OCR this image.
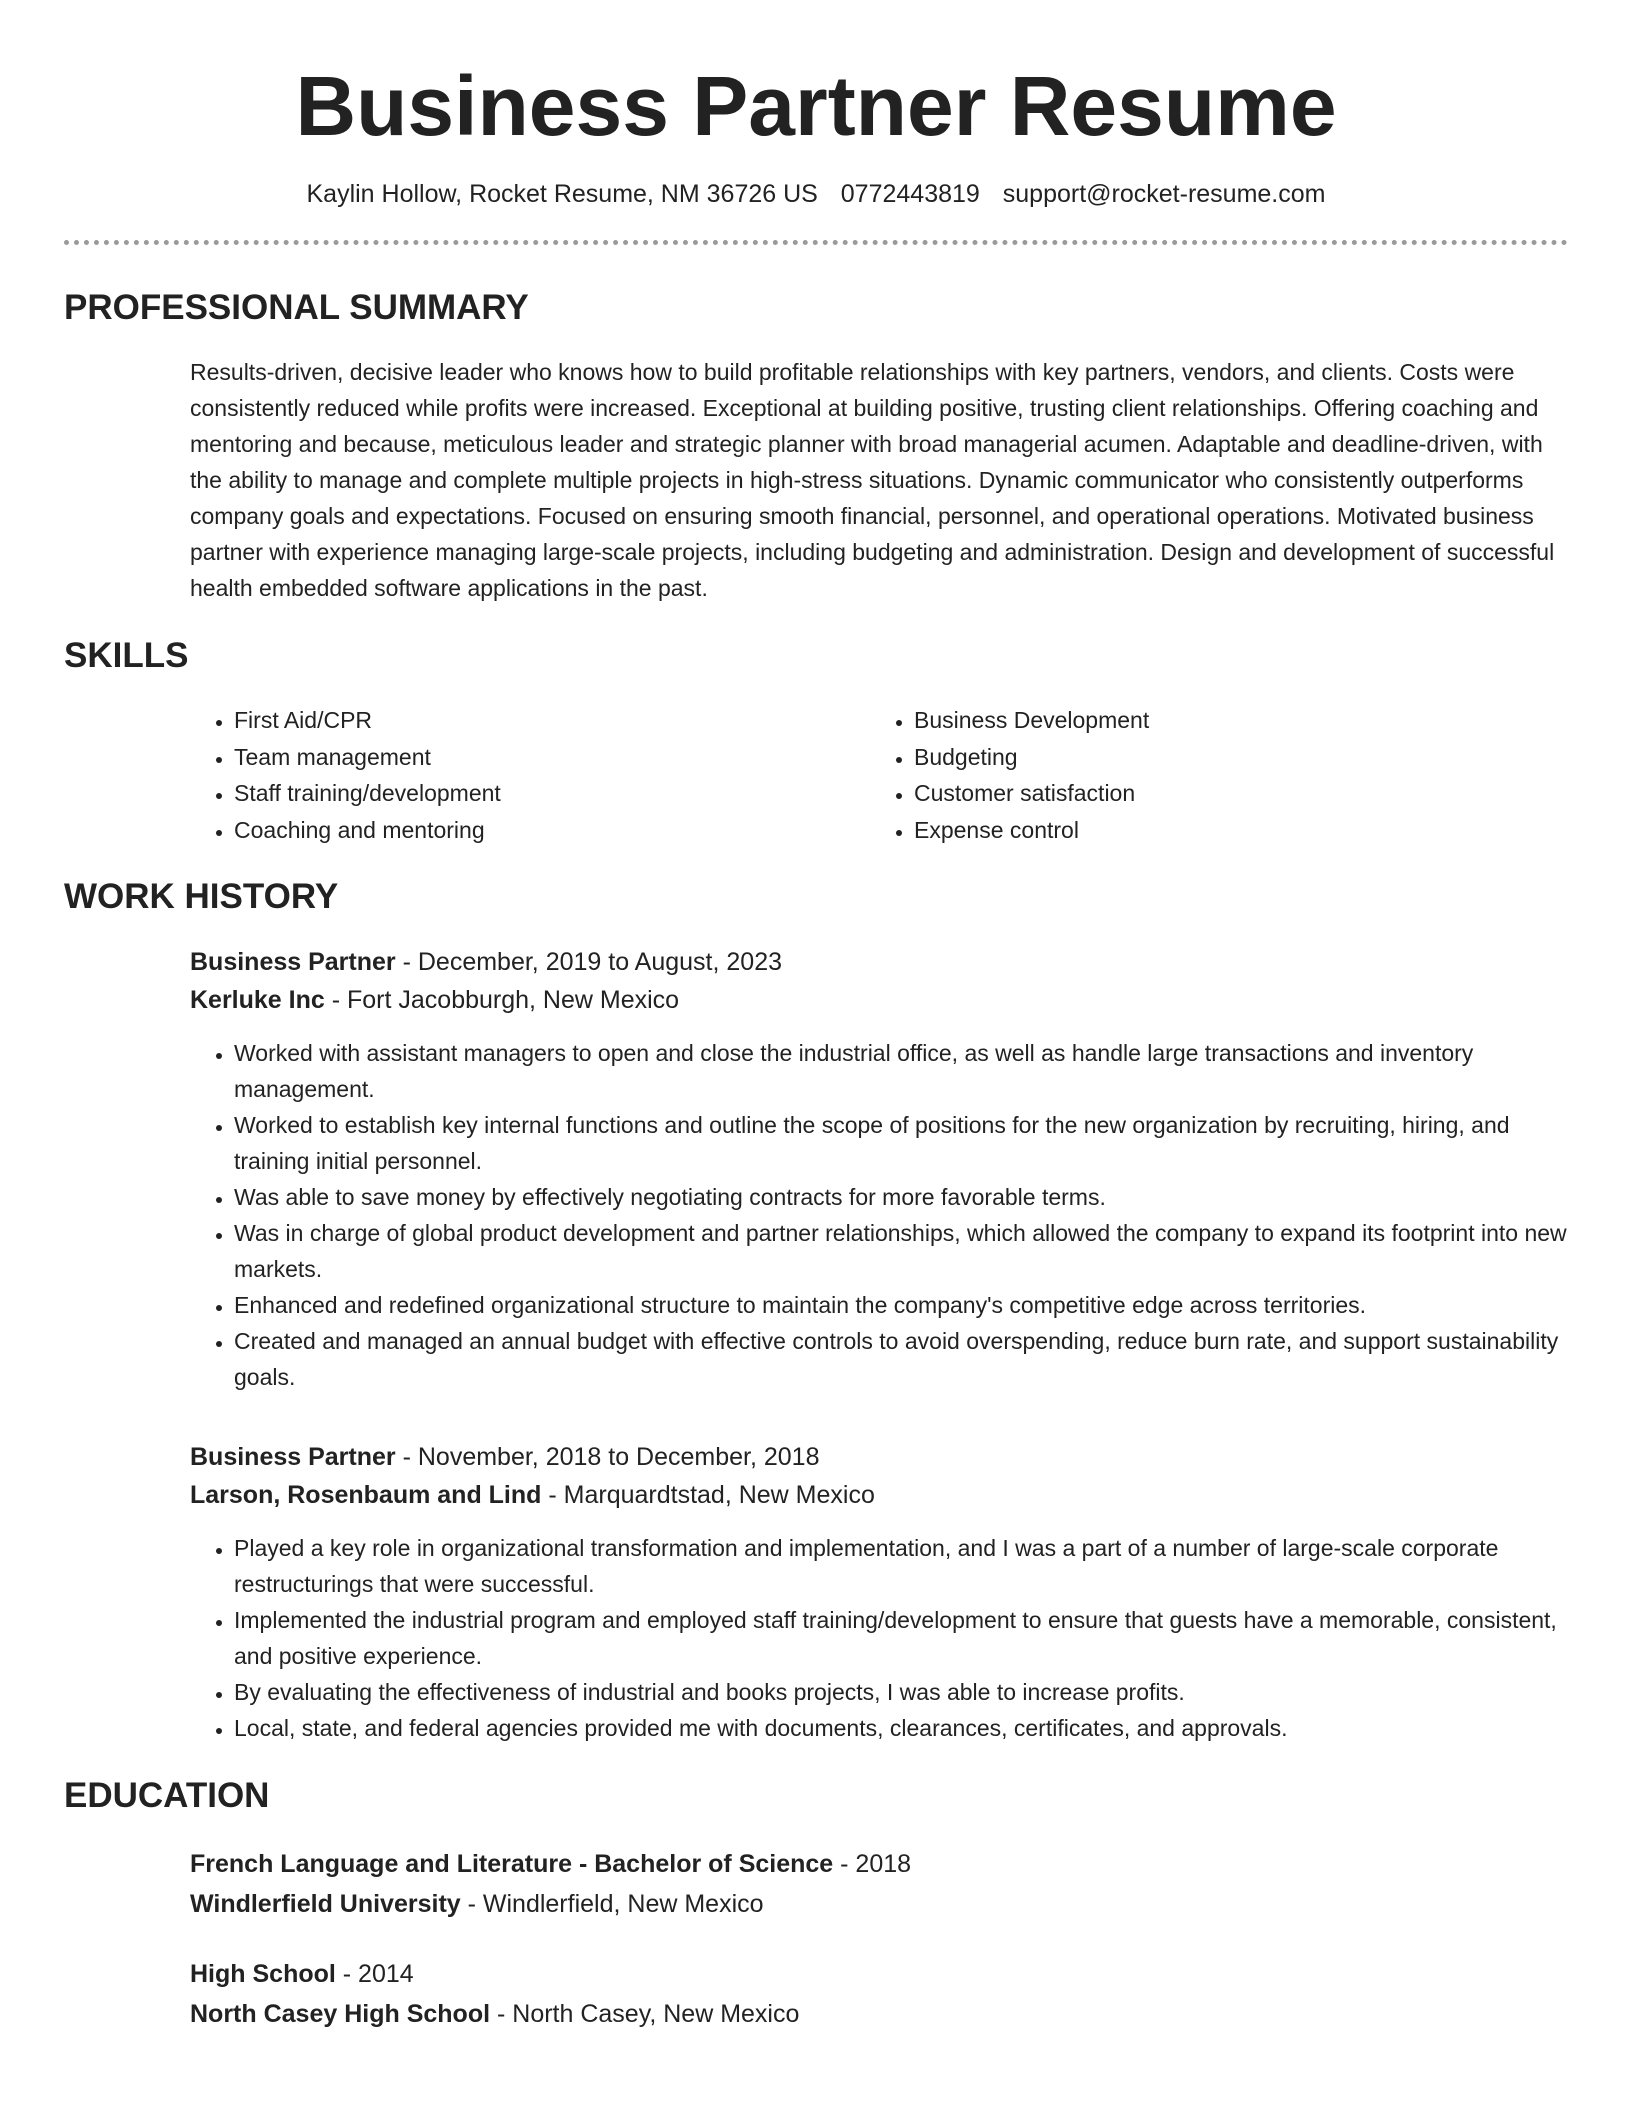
Business Partner Resume
Kaylin Hollow, Rocket Resume, NM 36726 US 0772443819 support@rocket-resume.com
PROFESSIONAL SUMMARY

Results-driven, decisive leader who knows how to build profitable relationships with key partners, vendors, and clients. Costs were consistently reduced while profits were increased. Exceptional at building positive, trusting client relationships. Offering coaching and mentoring and because, meticulous leader and strategic planner with broad managerial acumen. Adaptable and deadline-driven, with the ability to manage and complete multiple projects in high-stress situations. Dynamic communicator who consistently outperforms company goals and expectations. Focused on ensuring smooth financial, personnel, and operational operations. Motivated business partner with experience managing large-scale projects, including budgeting and administration. Design and development of successful health embedded software applications in the past.

SKILLS
• First Aid/CPR
• Team management
• Staff training/development
• Coaching and mentoring
• Business Development
• Budgeting
• Customer satisfaction
• Expense control
WORK HISTORY
Business Partner - December, 2019 to August, 2023
Kerluke Inc - Fort Jacobburgh, New Mexico
• Worked with assistant managers to open and close the industrial office, as well as handle large transactions and inventory management.
• Worked to establish key internal functions and outline the scope of positions for the new organization by recruiting, hiring, and training initial personnel.
• Was able to save money by effectively negotiating contracts for more favorable terms.
• Was in charge of global product development and partner relationships, which allowed the company to expand its footprint into new markets.
• Enhanced and redefined organizational structure to maintain the company's competitive edge across territories.
• Created and managed an annual budget with effective controls to avoid overspending, reduce burn rate, and support sustainability goals.
Business Partner - November, 2018 to December, 2018
Larson, Rosenbaum and Lind - Marquardtstad, New Mexico
• Played a key role in organizational transformation and implementation, and I was a part of a number of large-scale corporate restructurings that were successful.
• Implemented the industrial program and employed staff training/development to ensure that guests have a memorable, consistent, and positive experience.
• By evaluating the effectiveness of industrial and books projects, I was able to increase profits.
• Local, state, and federal agencies provided me with documents, clearances, certificates, and approvals.
EDUCATION
French Language and Literature - Bachelor of Science - 2018
Windlerfield University - Windlerfield, New Mexico
High School - 2014
North Casey High School - North Casey, New Mexico
